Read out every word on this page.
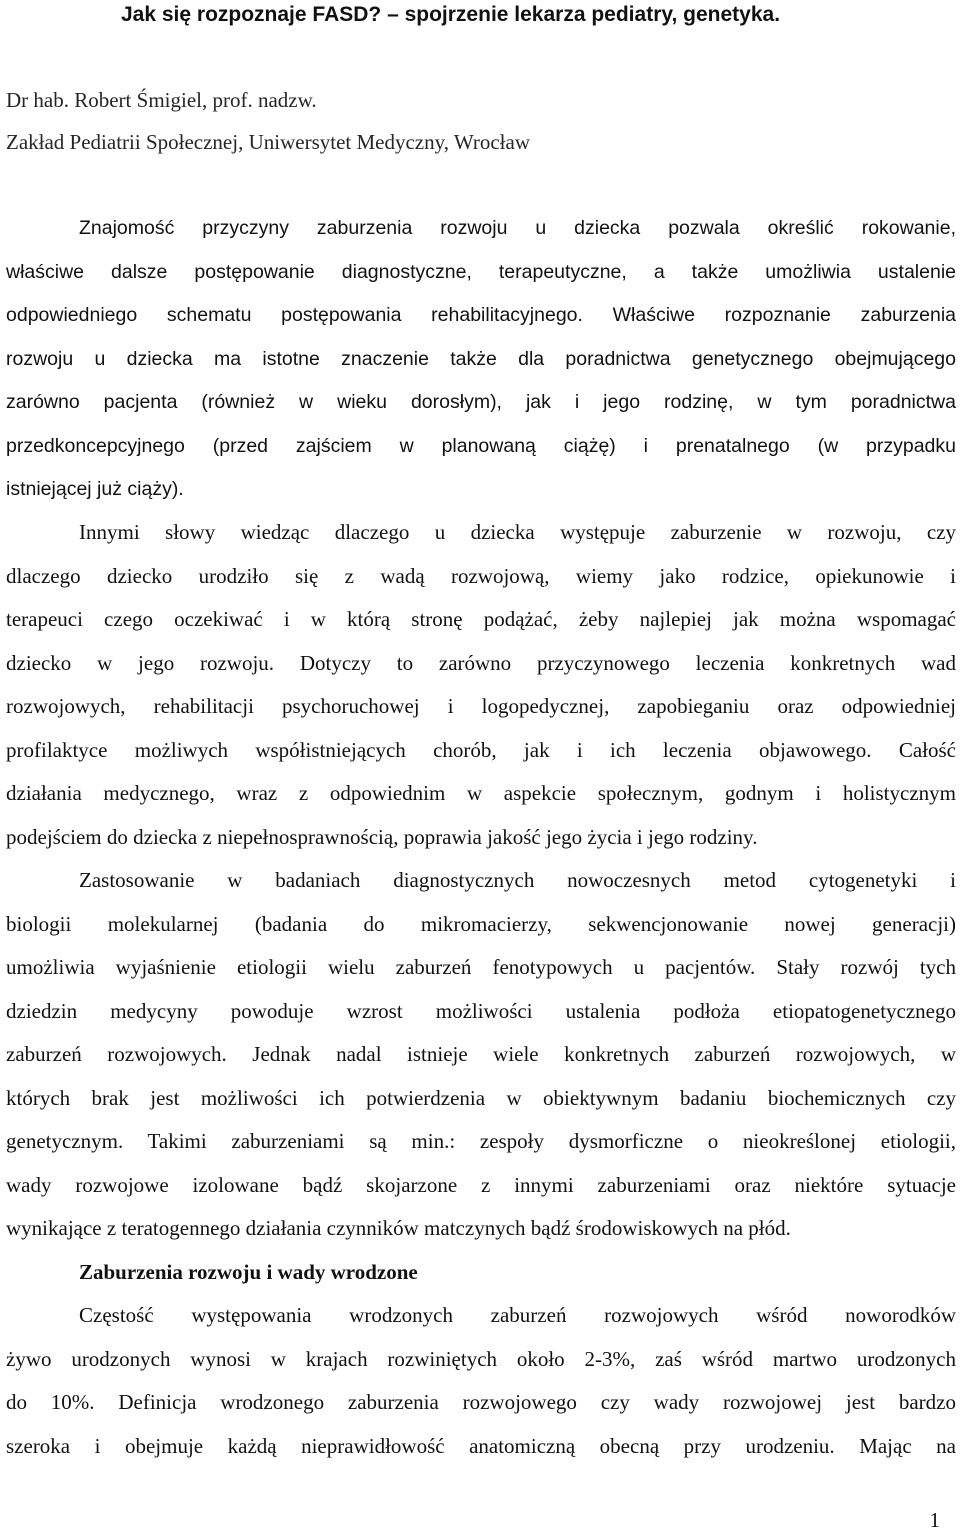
Jak się rozpoznaje FASD? – spojrzenie lekarza pediatry, genetyka.
Dr hab. Robert Śmigiel, prof. nadzw.
Zakład Pediatrii Społecznej, Uniwersytet Medyczny, Wrocław
Znajomość przyczyny zaburzenia rozwoju u dziecka pozwala określić rokowanie,
właściwe dalsze postępowanie diagnostyczne, terapeutyczne, a także umożliwia ustalenie
odpowiedniego schematu postępowania rehabilitacyjnego. Właściwe rozpoznanie zaburzenia
rozwoju u dziecka ma istotne znaczenie także dla poradnictwa genetycznego obejmującego
zarówno pacjenta (również w wieku dorosłym), jak i jego rodzinę, w tym poradnictwa
przedkoncepcyjnego (przed zajściem w planowaną ciążę) i prenatalnego (w przypadku
istniejącej już ciąży).
Innymi słowy wiedząc dlaczego u dziecka występuje zaburzenie w rozwoju, czy
dlaczego dziecko urodziło się z wadą rozwojową, wiemy jako rodzice, opiekunowie i
terapeuci czego oczekiwać i w którą stronę podążać, żeby najlepiej jak można wspomagać
dziecko w jego rozwoju. Dotyczy to zarówno przyczynowego leczenia konkretnych wad
rozwojowych, rehabilitacji psychoruchowej i logopedycznej, zapobieganiu oraz odpowiedniej
profilaktyce możliwych współistniejących chorób, jak i ich leczenia objawowego. Całość
działania medycznego, wraz z odpowiednim w aspekcie społecznym, godnym i holistycznym
podejściem do dziecka z niepełnosprawnością, poprawia jakość jego życia i jego rodziny.
Zastosowanie w badaniach diagnostycznych nowoczesnych metod cytogenetyki i
biologii molekularnej (badania do mikromacierzy, sekwencjonowanie nowej generacji)
umożliwia wyjaśnienie etiologii wielu zaburzeń fenotypowych u pacjentów. Stały rozwój tych
dziedzin medycyny powoduje wzrost możliwości ustalenia podłoża etiopatogenetycznego
zaburzeń rozwojowych. Jednak nadal istnieje wiele konkretnych zaburzeń rozwojowych, w
których brak jest możliwości ich potwierdzenia w obiektywnym badaniu biochemicznych czy
genetycznym. Takimi zaburzeniami są min.: zespoły dysmorficzne o nieokreślonej etiologii,
wady rozwojowe izolowane bądź skojarzone z innymi zaburzeniami oraz niektóre sytuacje
wynikające z teratogennego działania czynników matczynych bądź środowiskowych na płód.
Zaburzenia rozwoju i wady wrodzone
Częstość występowania wrodzonych zaburzeń rozwojowych wśród noworodków
żywo urodzonych wynosi w krajach rozwiniętych około 2-3%, zaś wśród martwo urodzonych
do 10%. Definicja wrodzonego zaburzenia rozwojowego czy wady rozwojowej jest bardzo
szeroka i obejmuje każdą nieprawidłowość anatomiczną obecną przy urodzeniu. Mając na
1
